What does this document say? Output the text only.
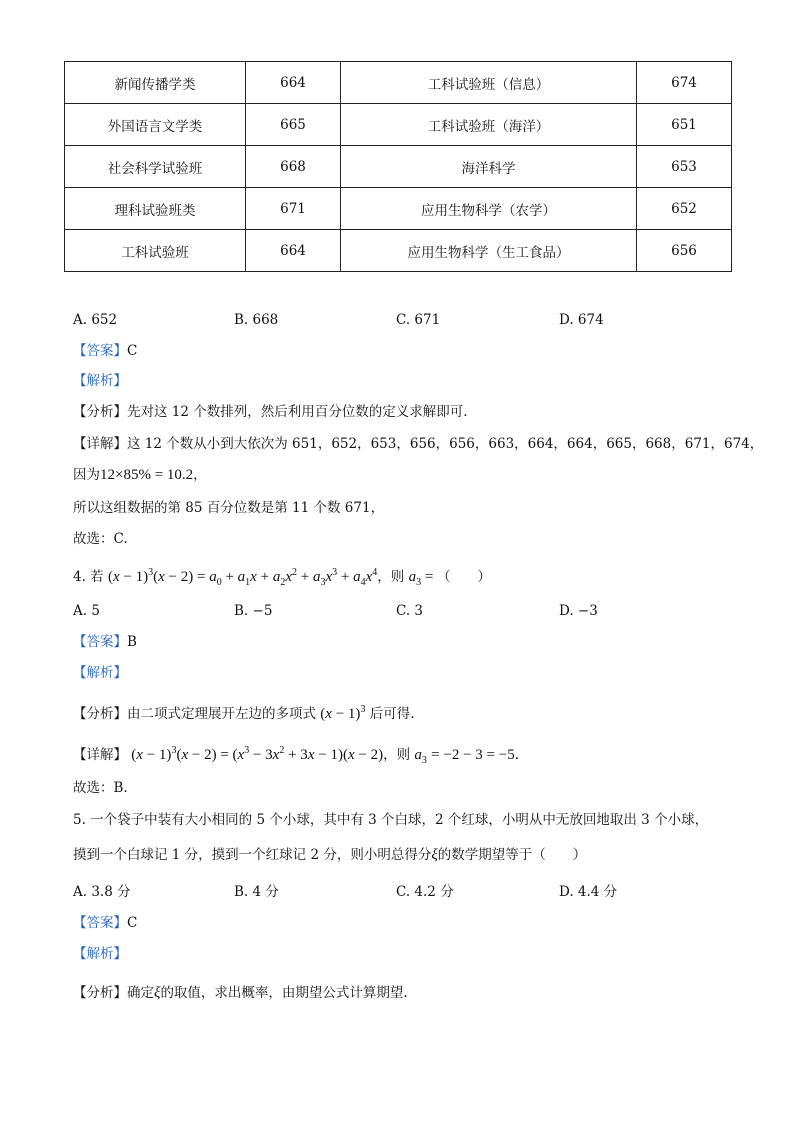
新闻传播学类	664	工科试验班（信息）	674
外国语言文学类	665	工科试验班（海洋）	651
社会科学试验班	668	海洋科学	653
理科试验班类	671	应用生物科学（农学）	652
工科试验班	664	应用生物科学（生工食品）	656
A. 652	B. 668	C. 671	D. 674
【答案】C
【解析】
【分析】先对这 12 个数排列，然后利用百分位数的定义求解即可.
【详解】这 12 个数从小到大依次为 651，652，653，656，656，663，664，664，665，668，671，674，
因为12×85% = 10.2，
所以这组数据的第 85 百分位数是第 11 个数 671，
故选：C.
4. 若 $(x - 1)^3(x - 2) = a_0 + a_1x + a_2x^2 + a_3x^3 + a_4x^4$，则 $a_3$ = （　　）
A. 5	B. −5	C. 3	D. −3
【答案】B
【解析】
【分析】由二项式定理展开左边的多项式 $(x - 1)^3$ 后可得.
【详解】 $(x - 1)^3(x - 2) = (x^3 - 3x^2 + 3x - 1)(x - 2)$，则 $a_3 = -2 - 3 = -5$.
故选：B.
5. 一个袋子中装有大小相同的 5 个小球，其中有 3 个白球，2 个红球，小明从中无放回地取出 3 个小球，
摸到一个白球记 1 分，摸到一个红球记 2 分，则小明总得分ξ的数学期望等于（　　）
A. 3.8 分	B. 4 分	C. 4.2 分	D. 4.4 分
【答案】C
【解析】
【分析】确定ξ的取值，求出概率，由期望公式计算期望.
